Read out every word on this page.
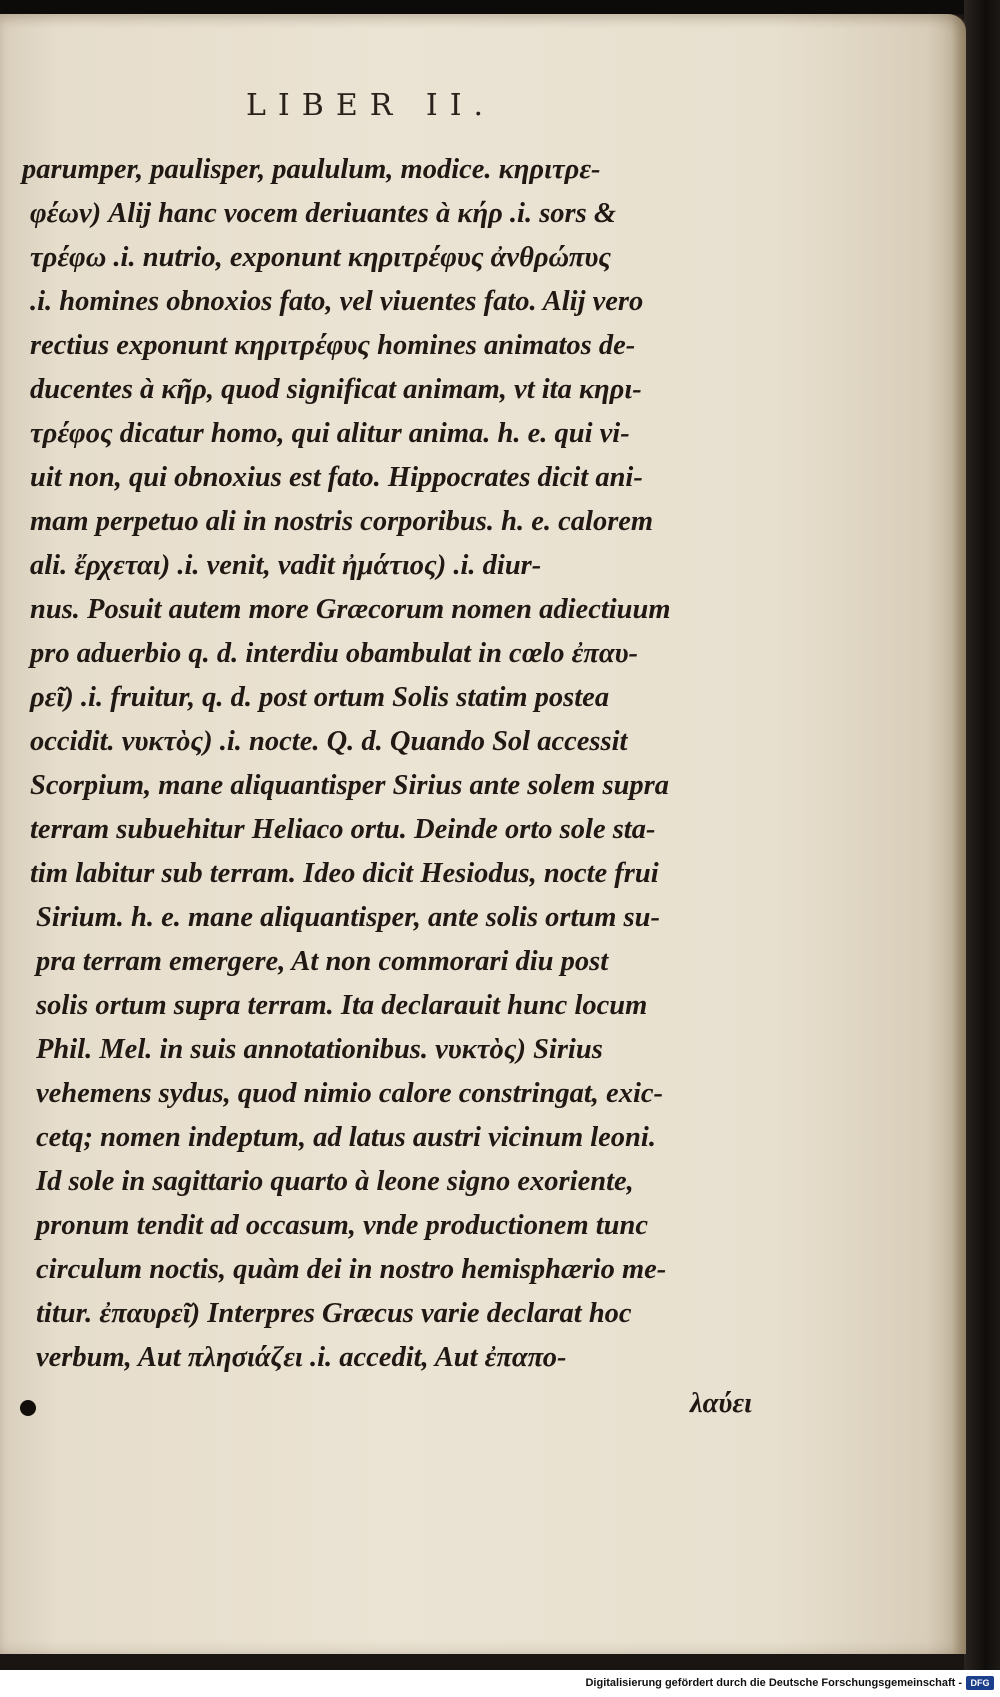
LIBER II.

parumper, paulisper, paululum, modice. κηριτρε-

φέων) Alij hanc vocem deriuantes à κήρ .i. sors &

τρέφω .i. nutrio, exponunt κηριτρέφυς ἀνθρώπυς

.i. homines obnoxios fato, vel viuentes fato. Alij vero

rectius exponunt κηριτρέφυς homines animatos de-

ducentes à κῆρ, quod significat animam, vt ita κηρι-

τρέφος dicatur homo, qui alitur anima. h. e. qui vi-

uit non, qui obnoxius est fato. Hippocrates dicit ani-

mam perpetuo ali in nostris corporibus. h. e. calorem

ali. ἔρχεται) .i. venit, vadit ἠμάτιος) .i. diur-

nus. Posuit autem more Græcorum nomen adiectiuum

pro aduerbio q. d. interdiu obambulat in cœlo ἐπαυ-

ρεῖ) .i. fruitur, q. d. post ortum Solis statim postea

occidit. νυκτὸς) .i. nocte. Q. d. Quando Sol accessit

Scorpium, mane aliquantisper Sirius ante solem supra

terram subuehitur Heliaco ortu. Deinde orto sole sta-

tim labitur sub terram. Ideo dicit Hesiodus, nocte frui

Sirium. h. e. mane aliquantisper, ante solis ortum su-

pra terram emergere, At non commorari diu post

solis ortum supra terram. Ita declarauit hunc locum

Phil. Mel. in suis annotationibus. νυκτὸς) Sirius

vehemens sydus, quod nimio calore constringat, exic-

cetq; nomen indeptum, ad latus austri vicinum leoni.

Id sole in sagittario quarto à leone signo exoriente,

pronum tendit ad occasum, vnde productionem tunc

circulum noctis, quàm dei in nostro hemisphærio me-

titur. ἐπαυρεῖ) Interpres Græcus varie declarat hoc

verbum, Aut πλησιάζει .i. accedit, Aut ἐπαπο-

λαύει

Digitalisierung gefördert durch die Deutsche Forschungsgemeinschaft - DFG
